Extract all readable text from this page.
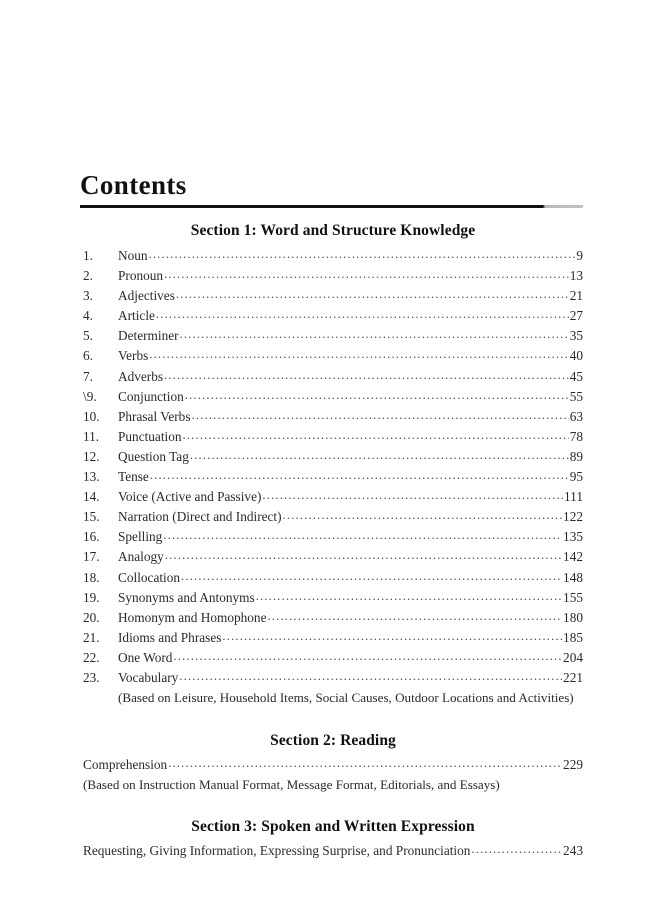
Contents
Section 1: Word and Structure Knowledge
1.	Noun .....	9
2.	Pronoun .....	13
3.	Adjectives .....	21
4.	Article .....	27
5.	Determiner .....	35
6.	Verbs .....	40
7.	Adverbs .....	45
\9.	Conjunction .....	55
10.	Phrasal Verbs .....	63
11.	Punctuation .....	78
12.	Question Tag .....	89
13.	Tense .....	95
14.	Voice (Active and Passive) .....	111
15.	Narration (Direct and Indirect) .....	122
16.	Spelling .....	135
17.	Analogy .....	142
18.	Collocation .....	148
19.	Synonyms and Antonyms .....	155
20.	Homonym and Homophone .....	180
21.	Idioms and Phrases .....	185
22.	One Word .....	204
23.	Vocabulary .....	221
(Based on Leisure, Household Items, Social Causes, Outdoor Locations and Activities)
Section 2: Reading
Comprehension .....	229
(Based on Instruction Manual Format, Message Format, Editorials, and Essays)
Section 3: Spoken and Written Expression
Requesting, Giving Information, Expressing Surprise, and Pronunciation .....	243
